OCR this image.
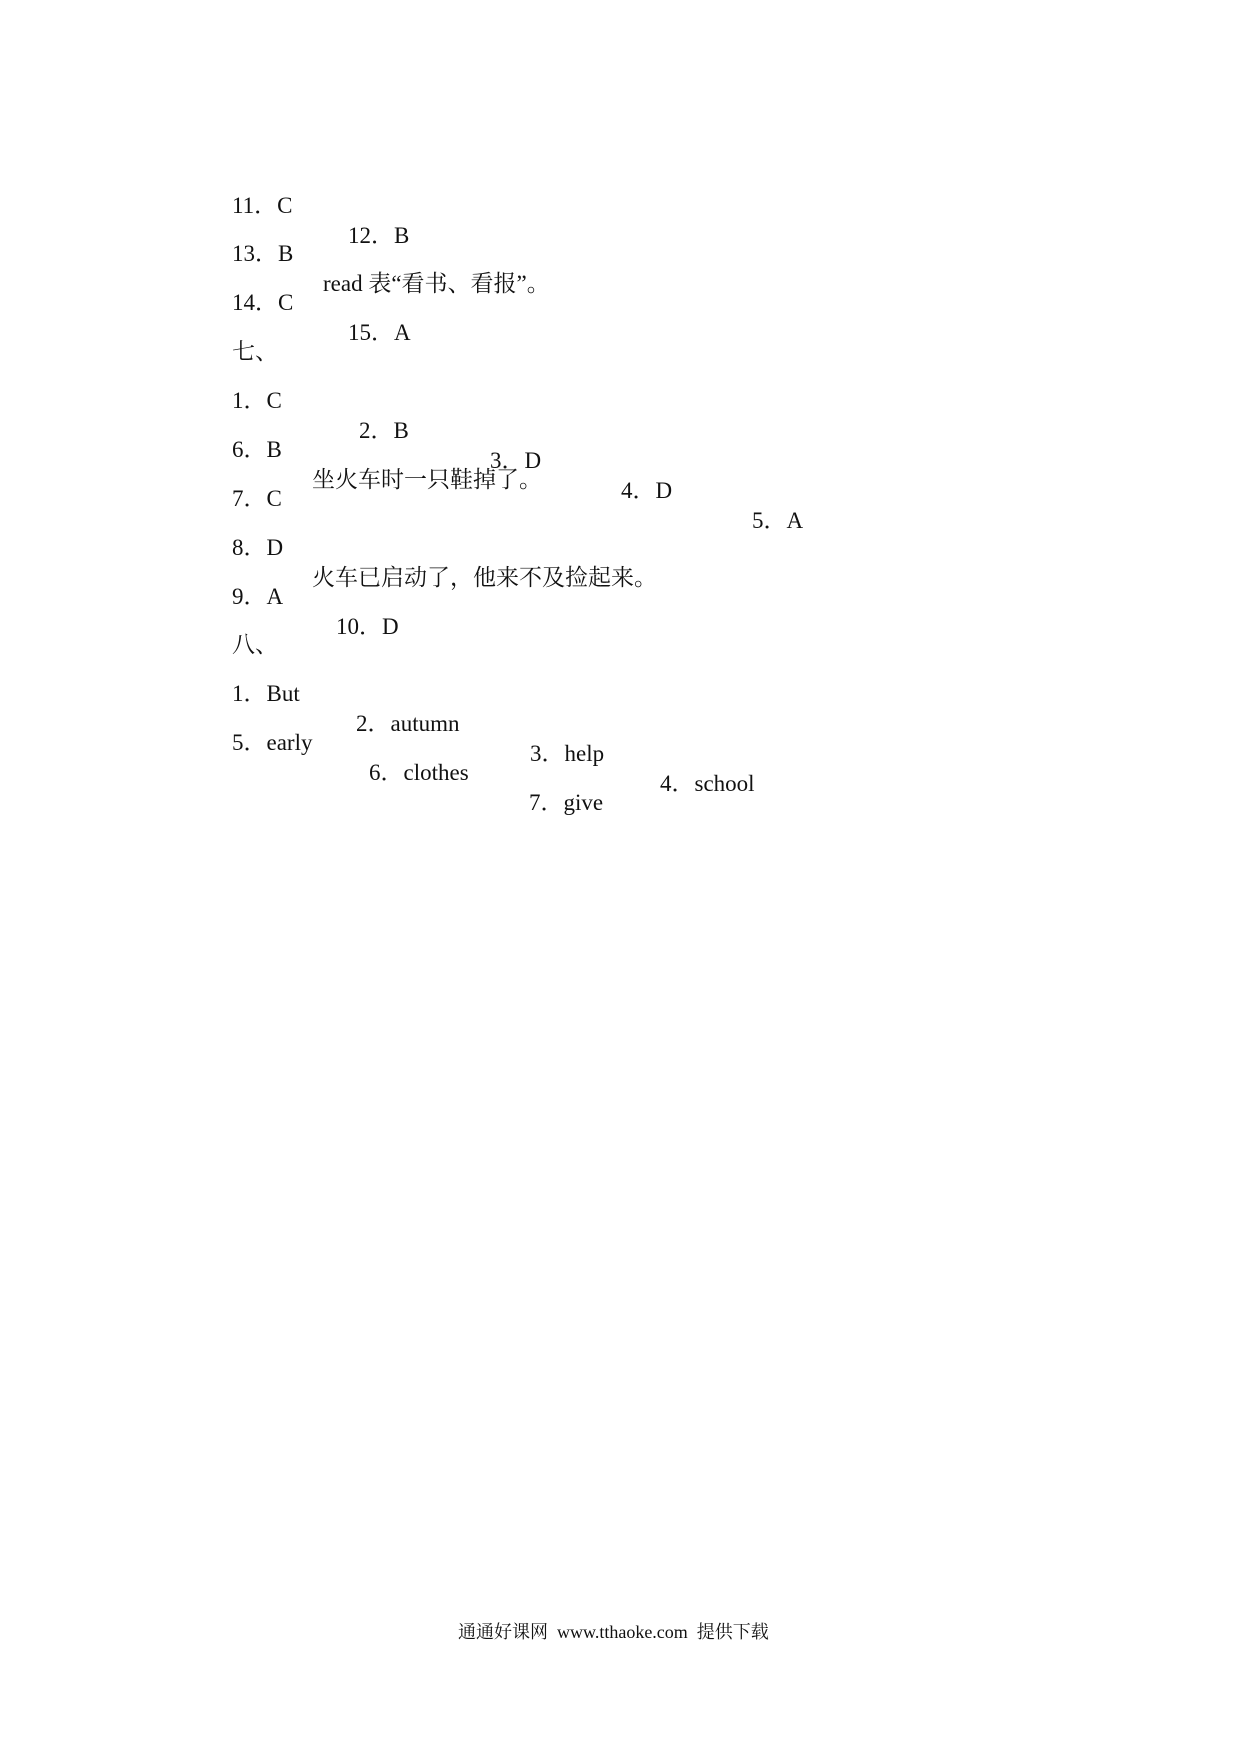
11．C

12．B

13．B

read 表“看书、看报”。

14．C

15．A

七、

1．C

2．B

3．D

4．D

5．A

6．B

坐火车时一只鞋掉了。

7．C

8．D

火车已启动了，他来不及捡起来。

9．A

10．D

八、

1．But

2．autumn

3．help

4．school

5．early

6．clothes

7．give

通通好课网  www.tthaoke.com  提供下载
